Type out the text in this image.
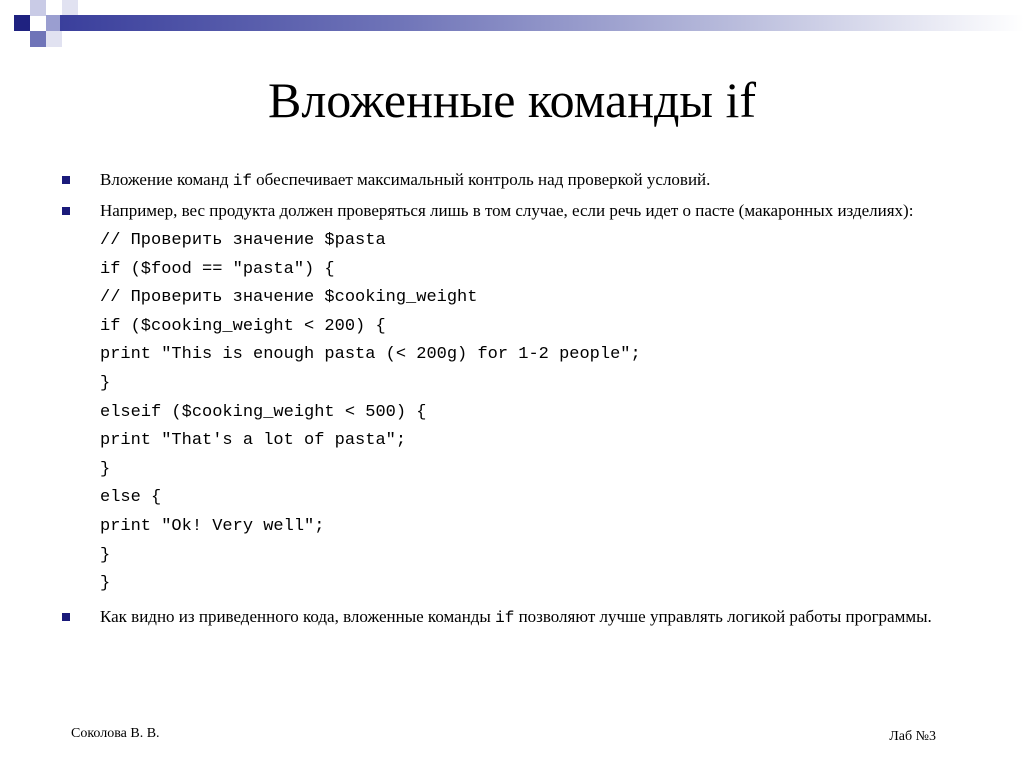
Вложенные команды if
Вложение команд if обеспечивает максимальный контроль над проверкой условий.
Например, вес продукта должен проверяться лишь в том случае, если речь идет о пасте (макаронных изделиях):
// Проверить значение $pasta
if ($food == "pasta") {
// Проверить значение $cooking_weight
if ($cooking_weight < 200) {
print "This is enough pasta (< 200g) for 1-2 people";
}
elseif ($cooking_weight < 500) {
print "That's a lot of pasta";
}
else {
print "Ok! Very well";
}
}
Как видно из приведенного кода, вложенные команды if позволяют лучше управлять логикой работы программы.
Соколова В. В.	Лаб №3
